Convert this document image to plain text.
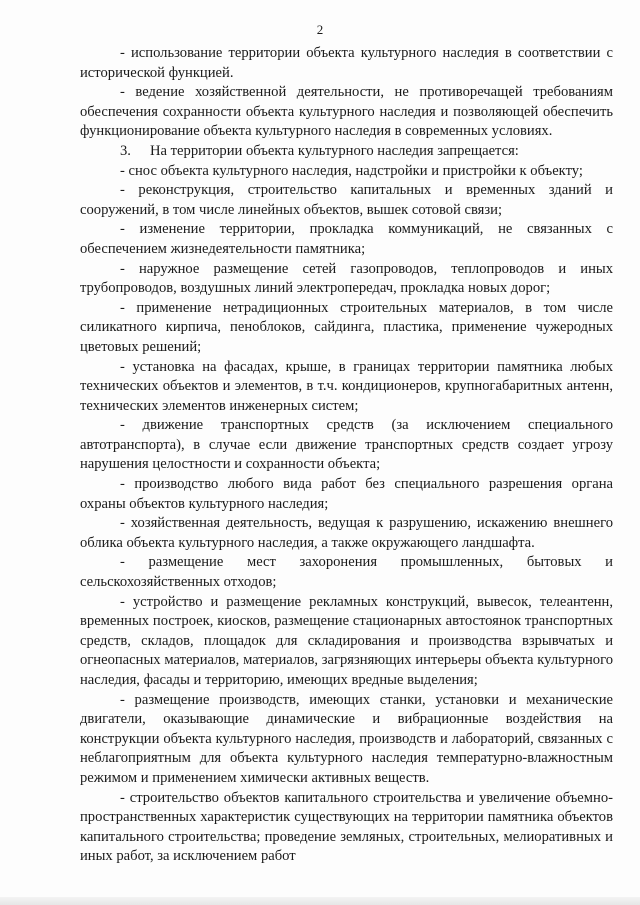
2

- использование территории объекта культурного наследия в соответствии с исторической функцией.

- ведение хозяйственной деятельности, не противоречащей требованиям обеспечения сохранности объекта культурного наследия и позволяющей обеспечить функционирование объекта культурного наследия в современных условиях.

3. На территории объекта культурного наследия запрещается:

- снос объекта культурного наследия, надстройки и пристройки к объекту;

- реконструкция, строительство капитальных и временных зданий и сооружений, в том числе линейных объектов, вышек сотовой связи;

- изменение территории, прокладка коммуникаций, не связанных с обеспечением жизнедеятельности памятника;

- наружное размещение сетей газопроводов, теплопроводов и иных трубопроводов, воздушных линий электропередач, прокладка новых дорог;

- применение нетрадиционных строительных материалов, в том числе силикатного кирпича, пеноблоков, сайдинга, пластика, применение чужеродных цветовых решений;

- установка на фасадах, крыше, в границах территории памятника любых технических объектов и элементов, в т.ч. кондиционеров, крупногабаритных антенн, технических элементов инженерных систем;

- движение транспортных средств (за исключением специального автотранспорта), в случае если движение транспортных средств создает угрозу нарушения целостности и сохранности объекта;

- производство любого вида работ без специального разрешения органа охраны объектов культурного наследия;

- хозяйственная деятельность, ведущая к разрушению, искажению внешнего облика объекта культурного наследия, а также окружающего ландшафта.

- размещение мест захоронения промышленных, бытовых и сельскохозяйственных отходов;

- устройство и размещение рекламных конструкций, вывесок, телеантенн, временных построек, киосков, размещение стационарных автостоянок транспортных средств, складов, площадок для складирования и производства взрывчатых и огнеопасных материалов, материалов, загрязняющих интерьеры объекта культурного наследия, фасады и территорию, имеющих вредные выделения;

- размещение производств, имеющих станки, установки и механические двигатели, оказывающие динамические и вибрационные воздействия на конструкции объекта культурного наследия, производств и лабораторий, связанных с неблагоприятным для объекта культурного наследия температурно-влажностным режимом и применением химически активных веществ.

- строительство объектов капитального строительства и увеличение объемно-пространственных характеристик существующих на территории памятника объектов капитального строительства; проведение земляных, строительных, мелиоративных и иных работ, за исключением работ
